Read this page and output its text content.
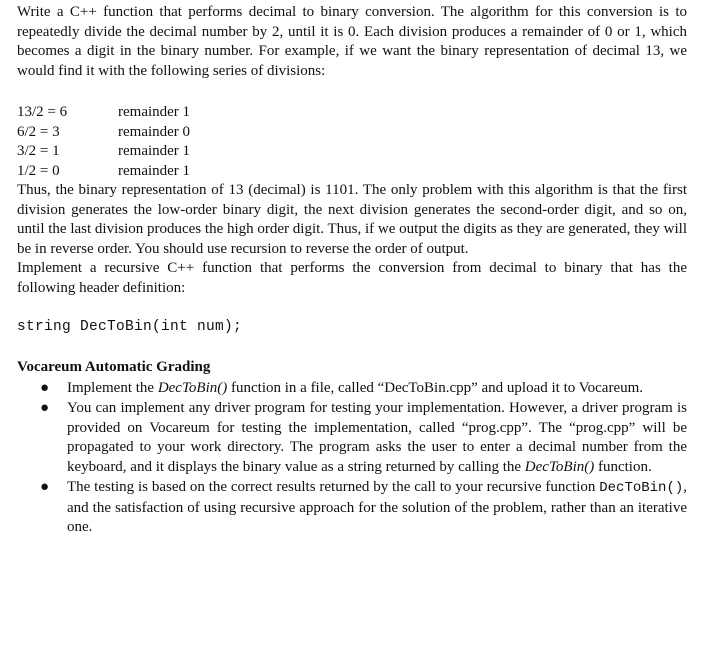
Write a C++ function that performs decimal to binary conversion. The algorithm for this conversion is to repeatedly divide the decimal number by 2, until it is 0. Each division produces a remainder of 0 or 1, which becomes a digit in the binary number. For example, if we want the binary representation of decimal 13, we would find it with the following series of divisions:

13/2 = 6	remainder 1
6/2 = 3	remainder 0
3/2 = 1	remainder 1
1/2 = 0	remainder 1

Thus, the binary representation of 13 (decimal) is 1101. The only problem with this algorithm is that the first division generates the low-order binary digit, the next division generates the second-order digit, and so on, until the last division produces the high order digit. Thus, if we output the digits as they are generated, they will be in reverse order. You should use recursion to reverse the order of output.

Implement a recursive C++ function that performs the conversion from decimal to binary that has the following header definition:

string DecToBin(int num);
Vocareum Automatic Grading
● Implement the DecToBin() function in a file, called “DecToBin.cpp” and upload it to Vocareum.
● You can implement any driver program for testing your implementation. However, a driver program is provided on Vocareum for testing the implementation, called “prog.cpp”. The “prog.cpp” will be propagated to your work directory. The program asks the user to enter a decimal number from the keyboard, and it displays the binary value as a string returned by calling the DecToBin() function.
● The testing is based on the correct results returned by the call to your recursive function DecToBin(), and the satisfaction of using recursive approach for the solution of the problem, rather than an iterative one.
